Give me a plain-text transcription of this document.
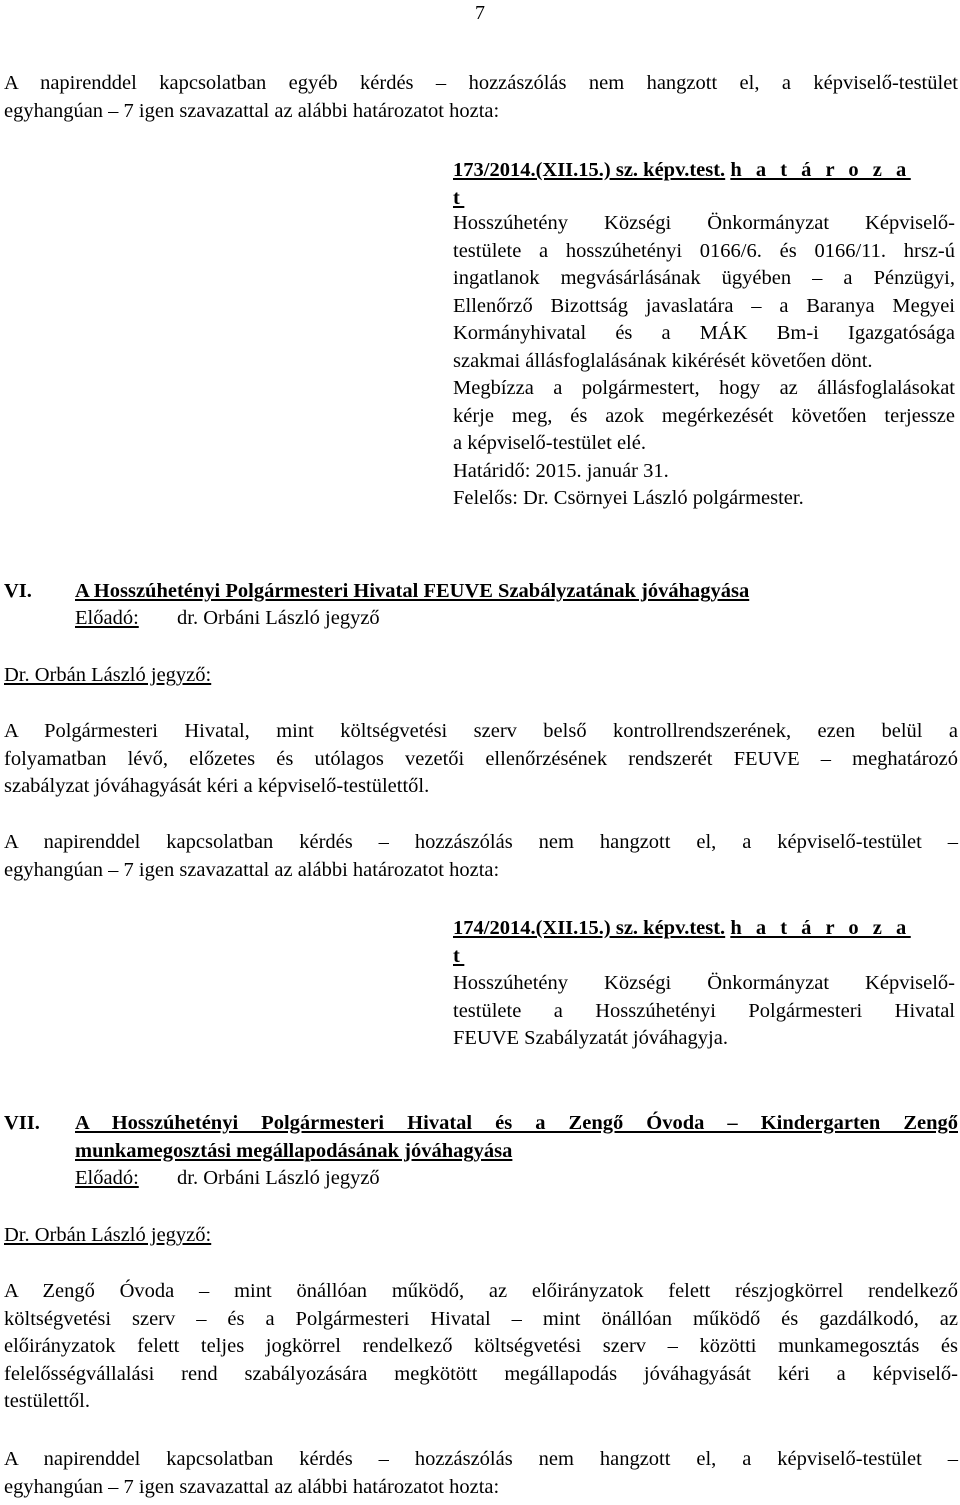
7
A napirenddel kapcsolatban egyéb kérdés – hozzászólás nem hangzott el, a képviselő-testület
egyhangúan – 7 igen szavazattal az alábbi határozatot hozta:
173/2014.(XII.15.) sz. képv.test. h a t á r o z a t
Hosszúhetény Községi Önkormányzat Képviselő-
testülete a hosszúhetényi 0166/6. és 0166/11. hrsz-ú
ingatlanok megvásárlásának ügyében – a Pénzügyi,
Ellenőrző Bizottság javaslatára – a Baranya Megyei
Kormányhivatal és a MÁK Bm-i Igazgatósága
szakmai állásfoglalásának kikérését követően dönt.
Megbízza a polgármestert, hogy az állásfoglalásokat
kérje meg, és azok megérkezését követően terjessze
a képviselő-testület elé.
Határidő: 2015. január 31.
Felelős: Dr. Csörnyei László polgármester.
VI. A Hosszúhetényi Polgármesteri Hivatal FEUVE Szabályzatának jóváhagyása
Előadó: dr. Orbáni László jegyző
Dr. Orbán László jegyző:
A Polgármesteri Hivatal, mint költségvetési szerv belső kontrollrendszerének, ezen belül a
folyamatban lévő, előzetes és utólagos vezetői ellenőrzésének rendszerét FEUVE – meghatározó
szabályzat jóváhagyását kéri a képviselő-testülettől.
A napirenddel kapcsolatban kérdés – hozzászólás nem hangzott el, a képviselő-testület –
egyhangúan – 7 igen szavazattal az alábbi határozatot hozta:
174/2014.(XII.15.) sz. képv.test. h a t á r o z a t
Hosszúhetény Községi Önkormányzat Képviselő-
testülete a Hosszúhetényi Polgármesteri Hivatal
FEUVE Szabályzatát jóváhagyja.
VII. A Hosszúhetényi Polgármesteri Hivatal és a Zengő Óvoda – Kindergarten Zengő
munkamegosztási megállapodásának jóváhagyása
Előadó: dr. Orbáni László jegyző
Dr. Orbán László jegyző:
A Zengő Óvoda – mint önállóan működő, az előirányzatok felett részjogkörrel rendelkező
költségvetési szerv – és a Polgármesteri Hivatal – mint önállóan működő és gazdálkodó, az
előirányzatok felett teljes jogkörrel rendelkező költségvetési szerv – közötti munkamegosztás és
felelősségvállalási rend szabályozására megkötött megállapodás jóváhagyását kéri a képviselő-
testülettől.
A napirenddel kapcsolatban kérdés – hozzászólás nem hangzott el, a képviselő-testület –
egyhangúan – 7 igen szavazattal az alábbi határozatot hozta:
